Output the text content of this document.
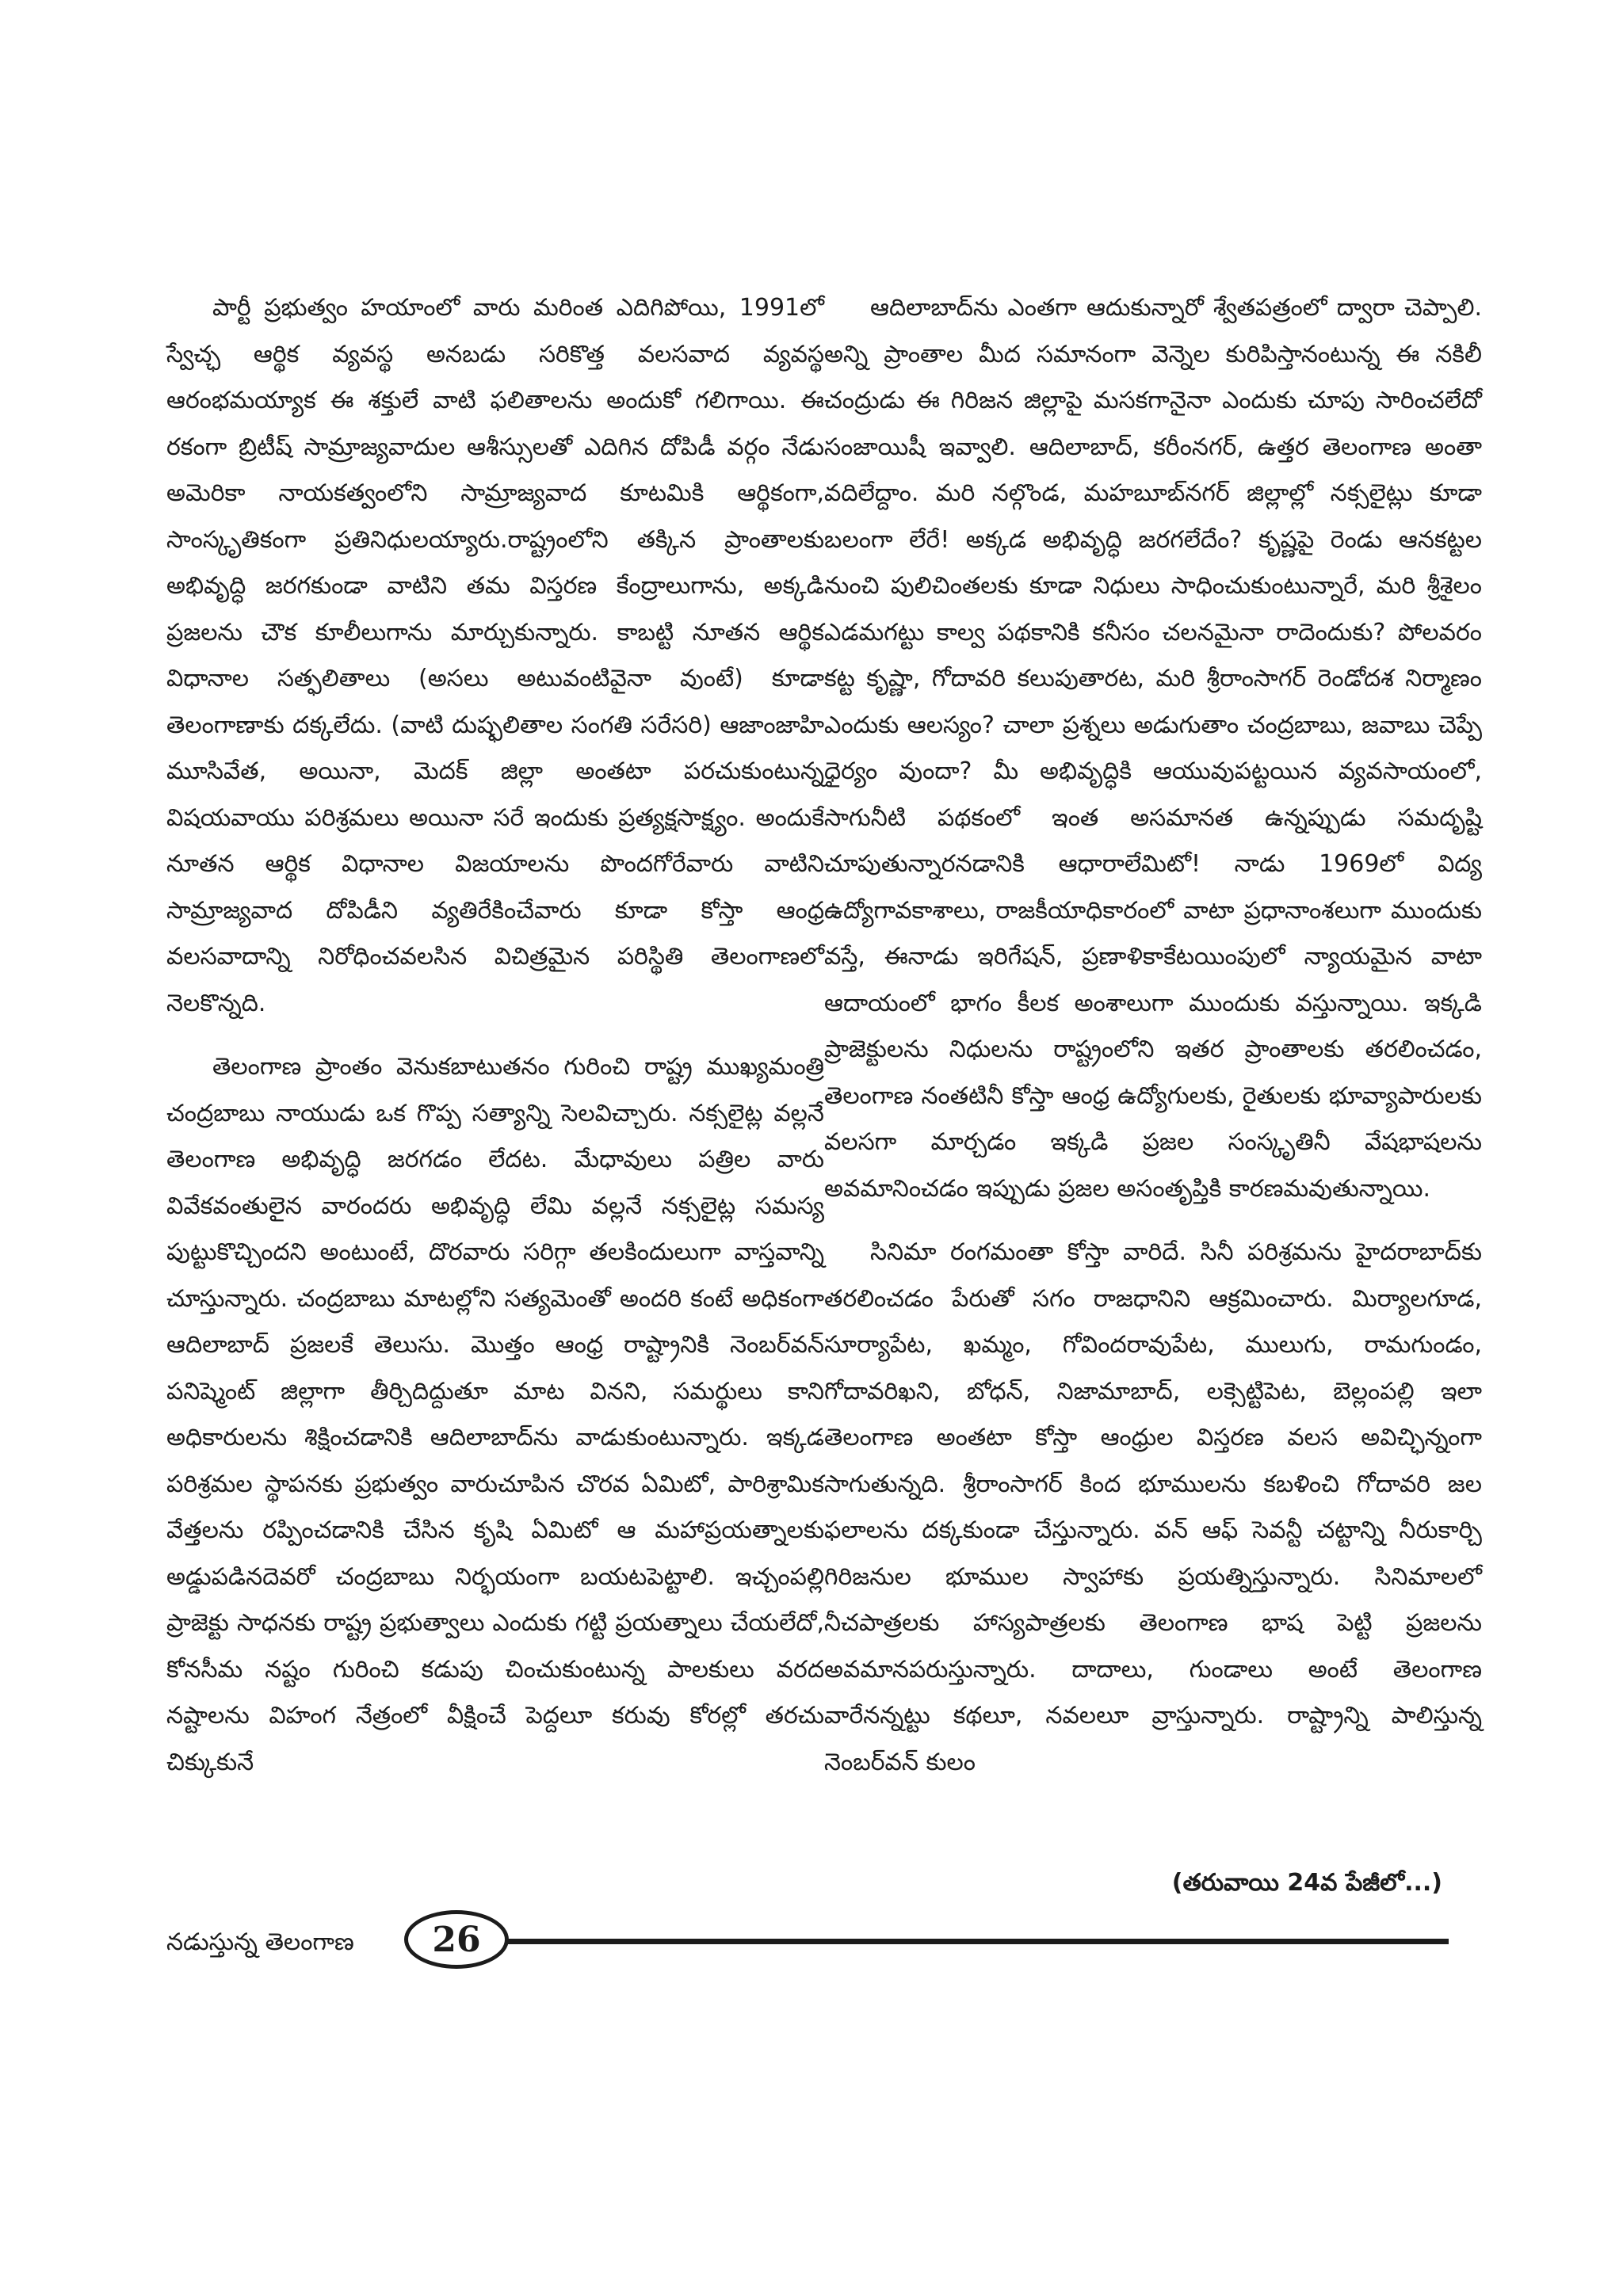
పార్టీ ప్రభుత్వం హయాంలో వారు మరింత ఎదిగిపోయి, 1991లో స్వేచ్ఛ ఆర్థిక వ్యవస్థ అనబడు సరికొత్త వలసవాద వ్యవస్థ ఆరంభమయ్యాక ఈ శక్తులే వాటి ఫలితాలను అందుకో గలిగాయి. ఈ రకంగా బ్రిటీష్ సామ్రాజ్యవాదుల ఆశీస్సులతో ఎదిగిన దోపిడీ వర్గం నేడు అమెరికా నాయకత్వంలోని సామ్రాజ్యవాద కూటమికి ఆర్థికంగా, సాంస్కృతికంగా ప్రతినిధులయ్యారు.రాష్ట్రంలోని తక్కిన ప్రాంతాలకు అభివృద్ధి జరగకుండా వాటిని తమ విస్తరణ కేంద్రాలుగాను, అక్కడి ప్రజలను చౌక కూలీలుగాను మార్చుకున్నారు. కాబట్టి నూతన ఆర్థిక విధానాల సత్ఫలితాలు (అసలు అటువంటివైనా వుంటే) కూడా తెలంగాణాకు దక్కలేదు. (వాటి దుష్ఫలితాల సంగతి సరేసరి) ఆజాంజాహి మూసివేత, అయినా, మెదక్ జిల్లా అంతటా పరచుకుంటున్న విషయవాయు పరిశ్రమలు అయినా సరే ఇందుకు ప్రత్యక్షసాక్ష్యం. అందుకే నూతన ఆర్థిక విధానాల విజయాలను పొందగోరేవారు వాటిని సామ్రాజ్యవాద దోపిడీని వ్యతిరేకించేవారు కూడా కోస్తా ఆంధ్ర వలసవాదాన్ని నిరోధించవలసిన విచిత్రమైన పరిస్థితి తెలంగాణలో నెలకొన్నది.

తెలంగాణ ప్రాంతం వెనుకబాటుతనం గురించి రాష్ట్ర ముఖ్యమంత్రి చంద్రబాబు నాయుడు ఒక గొప్ప సత్యాన్ని సెలవిచ్చారు. నక్సలైట్ల వల్లనే తెలంగాణ అభివృద్ధి జరగడం లేదట. మేధావులు పత్రిల వారు వివేకవంతులైన వారందరు అభివృద్ధి లేమి వల్లనే నక్సలైట్ల సమస్య పుట్టుకొచ్చిందని అంటుంటే, దొరవారు సరిగ్గా తలకిందులుగా వాస్తవాన్ని చూస్తున్నారు. చంద్రబాబు మాటల్లోని సత్యమెంతో అందరి కంటే అధికంగా ఆదిలాబాద్ ప్రజలకే తెలుసు. మొత్తం ఆంధ్ర రాష్ట్రానికి నెంబర్‌వన్ పనిష్మెంట్ జిల్లాగా తీర్చిదిద్దుతూ మాట వినని, సమర్థులు కాని అధికారులను శిక్షించడానికి ఆదిలాబాద్‌ను వాడుకుంటున్నారు. ఇక్కడ పరిశ్రమల స్థాపనకు ప్రభుత్వం వారుచూపిన చొరవ ఏమిటో, పారిశ్రామిక వేత్తలను రప్పించడానికి చేసిన కృషి ఏమిటో ఆ మహాప్రయత్నాలకు అడ్డుపడినదెవరో చంద్రబాబు నిర్భయంగా బయటపెట్టాలి. ఇచ్చంపల్లి ప్రాజెక్టు సాధనకు రాష్ట్ర ప్రభుత్వాలు ఎందుకు గట్టి ప్రయత్నాలు చేయలేదో, కోనసీమ నష్టం గురించి కడుపు చించుకుంటున్న పాలకులు వరద నష్టాలను విహంగ నేత్రంలో వీక్షించే పెద్దలూ కరువు కోరల్లో తరచు చిక్కుకునే

ఆదిలాబాద్‌ను ఎంతగా ఆదుకున్నారో శ్వేతపత్రంలో ద్వారా చెప్పాలి. అన్ని ప్రాంతాల మీద సమానంగా వెన్నెల కురిపిస్తానంటున్న ఈ నకిలీ చంద్రుడు ఈ గిరిజన జిల్లాపై మసకగానైనా ఎందుకు చూపు సారించలేదో సంజాయిషీ ఇవ్వాలి. ఆదిలాబాద్, కరీంనగర్, ఉత్తర తెలంగాణ అంతా వదిలేద్దాం. మరి నల్గొండ, మహబూబ్‌నగర్ జిల్లాల్లో నక్సలైట్లు కూడా బలంగా లేరే! అక్కడ అభివృద్ధి జరగలేదేం? కృష్ణపై రెండు ఆనకట్టల నుంచి పులిచింతలకు కూడా నిధులు సాధించుకుంటున్నారే, మరి శ్రీశైలం ఎడమగట్టు కాల్వ పథకానికి కనీసం చలనమైనా రాదెందుకు? పోలవరం కట్ట కృష్ణా, గోదావరి కలుపుతారట, మరి శ్రీరాంసాగర్ రెండోదశ నిర్మాణం ఎందుకు ఆలస్యం? చాలా ప్రశ్నలు అడుగుతాం చంద్రబాబు, జవాబు చెప్పే ధైర్యం వుందా? మీ అభివృద్ధికి ఆయువుపట్టయిన వ్యవసాయంలో, సాగునీటి పథకంలో ఇంత అసమానత ఉన్నప్పుడు సమదృష్టి చూపుతున్నారనడానికి ఆధారాలేమిటో! నాడు 1969లో విద్య ఉద్యోగావకాశాలు, రాజకీయాధికారంలో వాటా ప్రధానాంశలుగా ముందుకు వస్తే, ఈనాడు ఇరిగేషన్, ప్రణాళికాకేటయింపులో న్యాయమైన వాటా ఆదాయంలో భాగం కీలక అంశాలుగా ముందుకు వస్తున్నాయి. ఇక్కడి ప్రాజెక్టులను నిధులను రాష్ట్రంలోని ఇతర ప్రాంతాలకు తరలించడం, తెలంగాణ నంతటినీ కోస్తా ఆంధ్ర ఉద్యోగులకు, రైతులకు భూవ్యాపారులకు వలసగా మార్చడం ఇక్కడి ప్రజల సంస్కృతినీ వేషభాషలను అవమానించడం ఇప్పుడు ప్రజల అసంతృప్తికి కారణమవుతున్నాయి.

సినిమా రంగమంతా కోస్తా వారిదే. సినీ పరిశ్రమను హైదరాబాద్‌కు తరలించడం పేరుతో సగం రాజధానిని ఆక్రమించారు. మిర్యాలగూడ, సూర్యాపేట, ఖమ్మం, గోవిందరావుపేట, ములుగు, రామగుండం, గోదావరిఖని, బోధన్, నిజామాబాద్, లక్సెట్టిపెట, బెల్లంపల్లి ఇలా తెలంగాణ అంతటా కోస్తా ఆంధ్రుల విస్తరణ వలస అవిచ్ఛిన్నంగా సాగుతున్నది. శ్రీరాంసాగర్ కింద భూములను కబళించి గోదావరి జల ఫలాలను దక్కకుండా చేస్తున్నారు. వన్ ఆఫ్ సెవన్టీ చట్టాన్ని నీరుకార్చి గిరిజనుల భూముల స్వాహాకు ప్రయత్నిస్తున్నారు. సినిమాలలో నీచపాత్రలకు హాస్యపాత్రలకు తెలంగాణ భాష పెట్టి ప్రజలను అవమానపరుస్తున్నారు. దాదాలు, గుండాలు అంటే తెలంగాణ వారేనన్నట్టు కథలూ, నవలలూ వ్రాస్తున్నారు. రాష్ట్రాన్ని పాలిస్తున్న నెంబర్‌వన్ కులం

(తరువాయి 24వ పేజీలో...)
నడుస్తున్న తెలంగాణ 26
